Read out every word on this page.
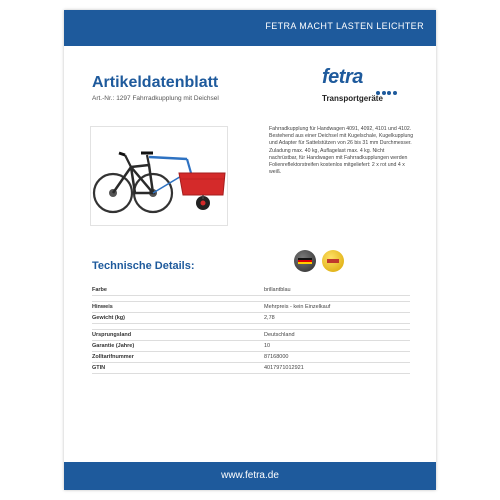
FETRA MACHT LASTEN LEICHTER
Artikeldatenblatt
Art.-Nr.: 1297 Fahrradkupplung mit Deichsel
fetra
Transportgeräte
Fahrradkupplung für Handwagen 4091, 4092, 4101 und 4102. Bestehend aus einer Deichsel mit Kugelschale, Kugelkupplung und Adapter für Sattelstützen von 26 bis 31 mm Durchmesser. Zuladung max. 40 kg, Auflagelast max. 4 kg. Nicht nachrüstbar, für Handwagen mit Fahrradkupplungen werden Folienreflektorstreifen kostenlos mitgeliefert: 2 x rot und 4 x weiß.
Technische Details:
Farbe	brillantblau
Hinweis	Mehrpreis - kein Einzelkauf
Gewicht (kg)	2,78
Ursprungsland	Deutschland
Garantie (Jahre)	10
Zolltarifnummer	87168000
GTIN	4017971012921
www.fetra.de
